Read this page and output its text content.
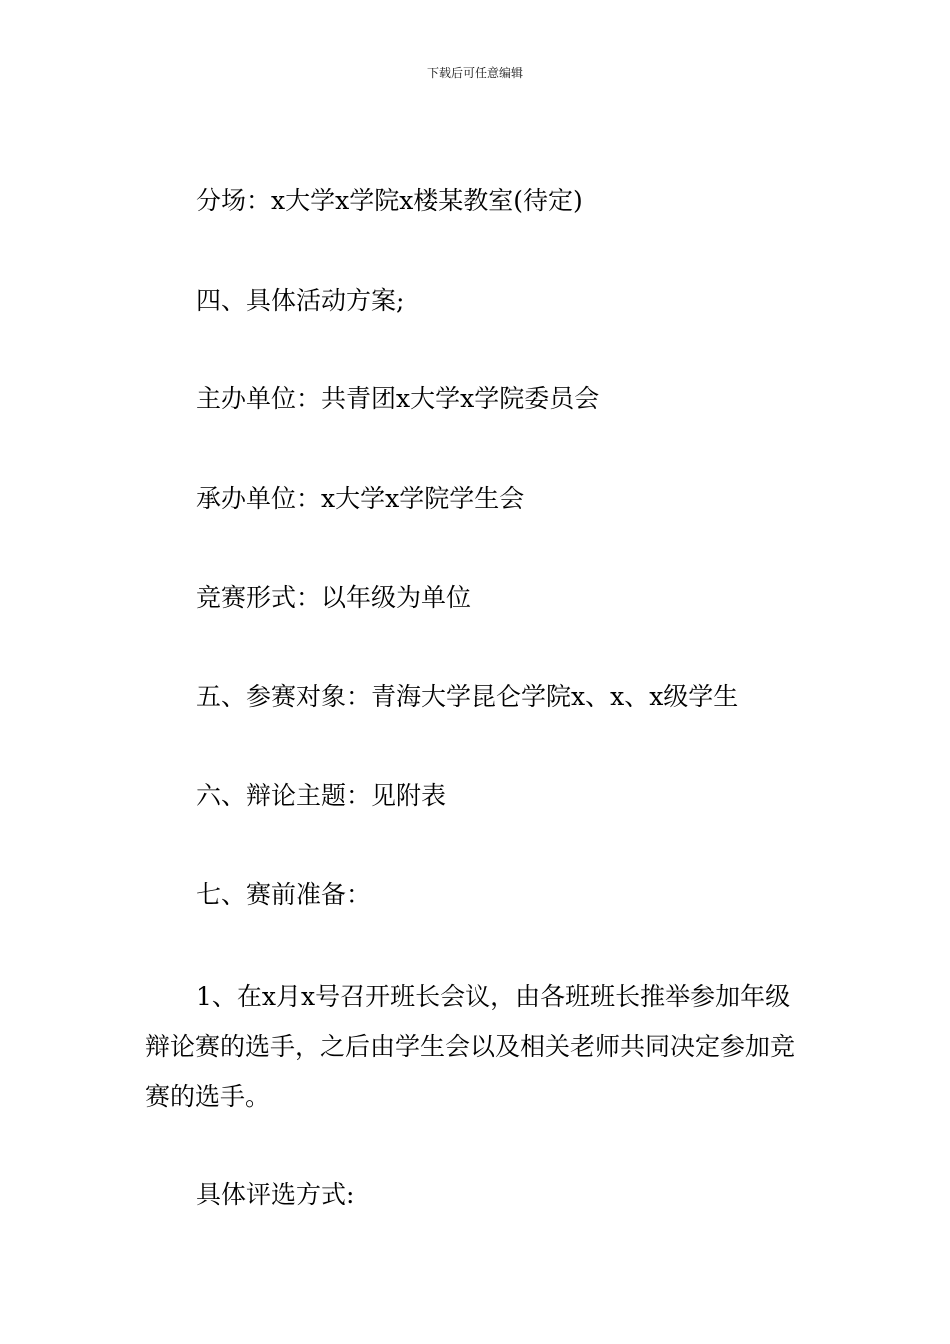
下载后可任意编辑

分场：x大学x学院x楼某教室(待定)

四、具体活动方案;

主办单位：共青团x大学x学院委员会

承办单位：x大学x学院学生会

竞赛形式：以年级为单位

五、参赛对象：青海大学昆仑学院x、x、x级学生

六、辩论主题：见附表

七、赛前准备：

1、在x月x号召开班长会议，由各班班长推举参加年级辩论赛的选手，之后由学生会以及相关老师共同决定参加竞赛的选手。

具体评选方式:
